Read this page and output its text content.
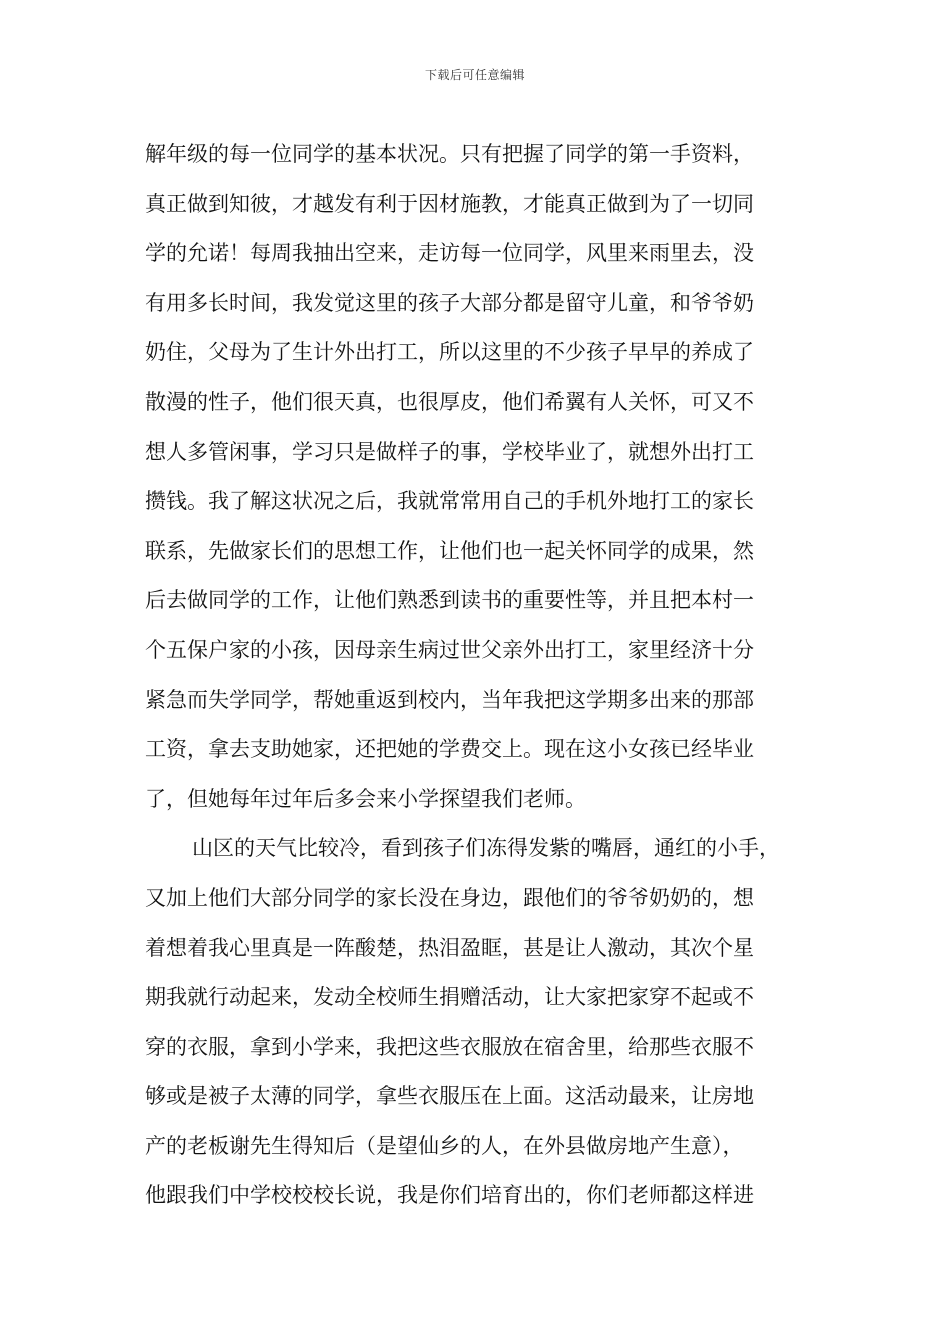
下载后可任意编辑
解年级的每一位同学的基本状况。只有把握了同学的第一手资料，
真正做到知彼，才越发有利于因材施教，才能真正做到为了一切同
学的允诺！每周我抽出空来，走访每一位同学，风里来雨里去，没
有用多长时间，我发觉这里的孩子大部分都是留守儿童，和爷爷奶
奶住，父母为了生计外出打工，所以这里的不少孩子早早的养成了
散漫的性子，他们很天真，也很厚皮，他们希翼有人关怀，可又不
想人多管闲事，学习只是做样子的事，学校毕业了，就想外出打工
攒钱。我了解这状况之后，我就常常用自己的手机外地打工的家长
联系，先做家长们的思想工作，让他们也一起关怀同学的成果，然
后去做同学的工作，让他们熟悉到读书的重要性等，并且把本村一
个五保户家的小孩，因母亲生病过世父亲外出打工，家里经济十分
紧急而失学同学，帮她重返到校内，当年我把这学期多出来的那部
工资，拿去支助她家，还把她的学费交上。现在这小女孩已经毕业
了，但她每年过年后多会来小学探望我们老师。
山区的天气比较冷，看到孩子们冻得发紫的嘴唇，通红的小手，
又加上他们大部分同学的家长没在身边，跟他们的爷爷奶奶的，想
着想着我心里真是一阵酸楚，热泪盈眶，甚是让人激动，其次个星
期我就行动起来，发动全校师生捐赠活动，让大家把家穿不起或不
穿的衣服，拿到小学来，我把这些衣服放在宿舍里，给那些衣服不
够或是被子太薄的同学，拿些衣服压在上面。这活动最来，让房地
产的老板谢先生得知后（是望仙乡的人，在外县做房地产生意），
他跟我们中学校校校长说，我是你们培育出的，你们老师都这样进
